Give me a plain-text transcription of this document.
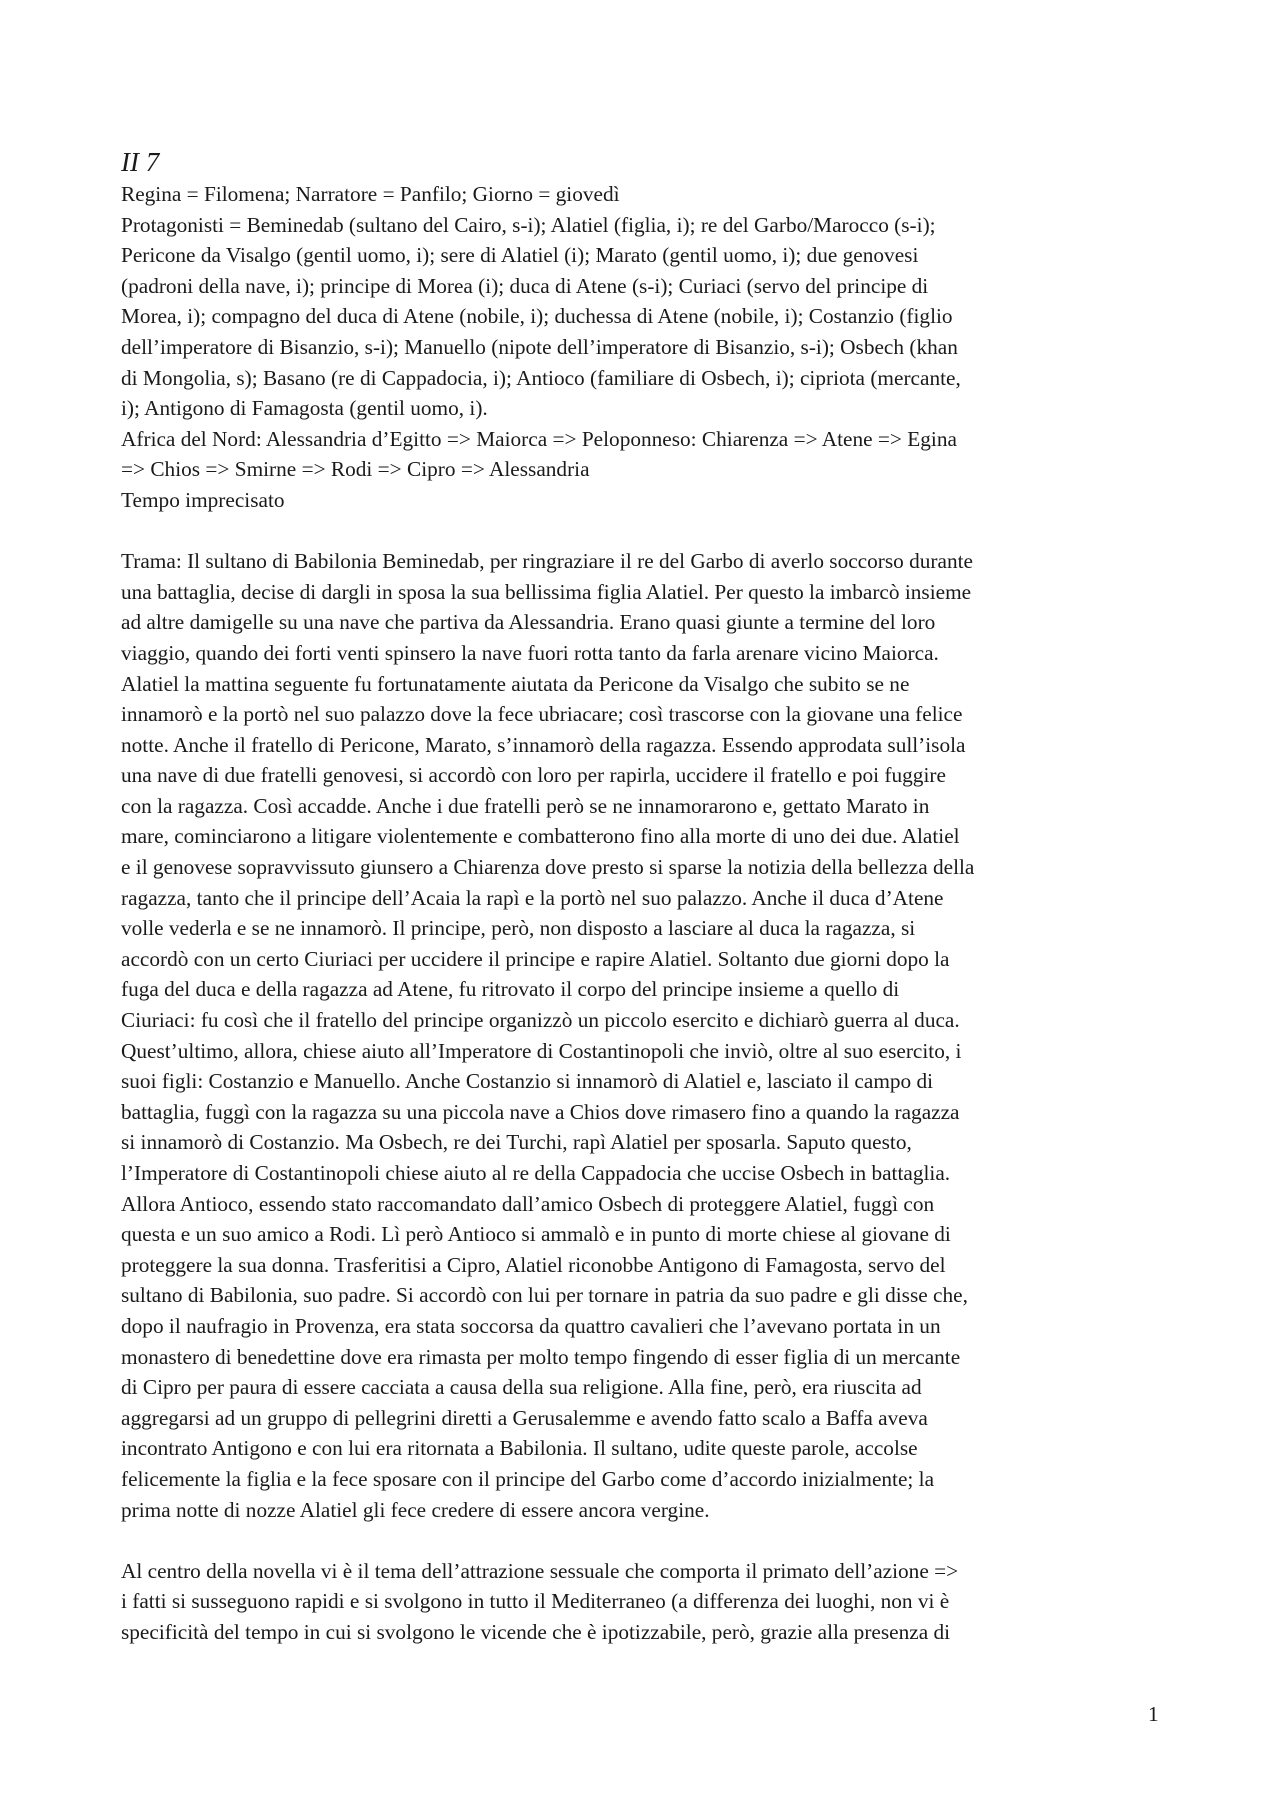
II 7
Regina = Filomena; Narratore = Panfilo; Giorno = giovedì
Protagonisti = Beminedab (sultano del Cairo, s-i); Alatiel (figlia, i); re del Garbo/Marocco (s-i);
Pericone da Visalgo (gentil uomo, i); sere di Alatiel (i); Marato (gentil uomo, i); due genovesi
(padroni della nave, i); principe di Morea (i); duca di Atene (s-i); Curiaci (servo del principe di
Morea, i); compagno del duca di Atene (nobile, i); duchessa di Atene (nobile, i); Costanzio (figlio
dell’imperatore di Bisanzio, s-i); Manuello (nipote dell’imperatore di Bisanzio, s-i); Osbech (khan
di Mongolia, s); Basano (re di Cappadocia, i); Antioco (familiare di Osbech, i); cipriota (mercante,
i); Antigono di Famagosta (gentil uomo, i).
Africa del Nord: Alessandria d’Egitto => Maiorca => Peloponneso: Chiarenza => Atene => Egina
=> Chios => Smirne => Rodi => Cipro => Alessandria
Tempo imprecisato
Trama: Il sultano di Babilonia Beminedab, per ringraziare il re del Garbo di averlo soccorso durante
una battaglia, decise di dargli in sposa la sua bellissima figlia Alatiel. Per questo la imbarcò insieme
ad altre damigelle su una nave che partiva da Alessandria. Erano quasi giunte a termine del loro
viaggio, quando dei forti venti spinsero la nave fuori rotta tanto da farla arenare vicino Maiorca.
Alatiel la mattina seguente fu fortunatamente aiutata da Pericone da Visalgo che subito se ne
innamorò e la portò nel suo palazzo dove la fece ubriacare; così trascorse con la giovane una felice
notte. Anche il fratello di Pericone, Marato, s’innamorò della ragazza. Essendo approdata sull’isola
una nave di due fratelli genovesi, si accordò con loro per rapirla, uccidere il fratello e poi fuggire
con la ragazza. Così accadde. Anche i due fratelli però se ne innamorarono e, gettato Marato in
mare, cominciarono a litigare violentemente e combatterono fino alla morte di uno dei due. Alatiel
e il genovese sopravvissuto giunsero a Chiarenza dove presto si sparse la notizia della bellezza della
ragazza, tanto che il principe dell’Acaia la rapì e la portò nel suo palazzo. Anche il duca d’Atene
volle vederla e se ne innamorò. Il principe, però, non disposto a lasciare al duca la ragazza, si
accordò con un certo Ciuriaci per uccidere il principe e rapire Alatiel. Soltanto due giorni dopo la
fuga del duca e della ragazza ad Atene, fu ritrovato il corpo del principe insieme a quello di
Ciuriaci: fu così che il fratello del principe organizzò un piccolo esercito e dichiarò guerra al duca.
Quest’ultimo, allora, chiese aiuto all’Imperatore di Costantinopoli che inviò, oltre al suo esercito, i
suoi figli: Costanzio e Manuello. Anche Costanzio si innamorò di Alatiel e, lasciato il campo di
battaglia, fuggì con la ragazza su una piccola nave a Chios dove rimasero fino a quando la ragazza
si innamorò di Costanzio. Ma Osbech, re dei Turchi, rapì Alatiel per sposarla. Saputo questo,
l’Imperatore di Costantinopoli chiese aiuto al re della Cappadocia che uccise Osbech in battaglia.
Allora Antioco, essendo stato raccomandato dall’amico Osbech di proteggere Alatiel, fuggì con
questa e un suo amico a Rodi. Lì però Antioco si ammalò e in punto di morte chiese al giovane di
proteggere la sua donna. Trasferitisi a Cipro, Alatiel riconobbe Antigono di Famagosta, servo del
sultano di Babilonia, suo padre. Si accordò con lui per tornare in patria da suo padre e gli disse che,
dopo il naufragio in Provenza, era stata soccorsa da quattro cavalieri che l’avevano portata in un
monastero di benedettine dove era rimasta per molto tempo fingendo di esser figlia di un mercante
di Cipro per paura di essere cacciata a causa della sua religione. Alla fine, però, era riuscita ad
aggregarsi ad un gruppo di pellegrini diretti a Gerusalemme e avendo fatto scalo a Baffa aveva
incontrato Antigono e con lui era ritornata a Babilonia. Il sultano, udite queste parole, accolse
felicemente la figlia e la fece sposare con il principe del Garbo come d’accordo inizialmente; la
prima notte di nozze Alatiel gli fece credere di essere ancora vergine.
Al centro della novella vi è il tema dell’attrazione sessuale che comporta il primato dell’azione =>
i fatti si susseguono rapidi e si svolgono in tutto il Mediterraneo (a differenza dei luoghi, non vi è
specificità del tempo in cui si svolgono le vicende che è ipotizzabile, però, grazie alla presenza di
1
